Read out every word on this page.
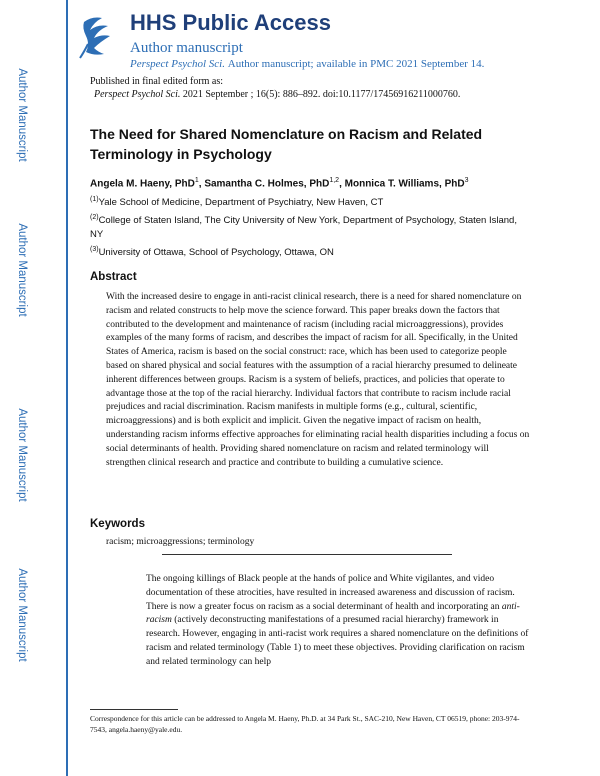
Author Manuscript
Author Manuscript
Author Manuscript
Author Manuscript
HHS Public Access
Author manuscript
Perspect Psychol Sci. Author manuscript; available in PMC 2021 September 14.
Published in final edited form as:
Perspect Psychol Sci. 2021 September ; 16(5): 886–892. doi:10.1177/17456916211000760.
The Need for Shared Nomenclature on Racism and Related Terminology in Psychology
Angela M. Haeny, PhD$^1$, Samantha C. Holmes, PhD$^{1,2}$, Monnica T. Williams, PhD$^3$
$^{(1)}$Yale School of Medicine, Department of Psychiatry, New Haven, CT
$^{(2)}$College of Staten Island, The City University of New York, Department of Psychology, Staten Island, NY
$^{(3)}$University of Ottawa, School of Psychology, Ottawa, ON
Abstract
With the increased desire to engage in anti-racist clinical research, there is a need for shared nomenclature on racism and related constructs to help move the science forward. This paper breaks down the factors that contributed to the development and maintenance of racism (including racial microaggressions), provides examples of the many forms of racism, and describes the impact of racism for all. Specifically, in the United States of America, racism is based on the social construct: race, which has been used to categorize people based on shared physical and social features with the assumption of a racial hierarchy presumed to delineate inherent differences between groups. Racism is a system of beliefs, practices, and policies that operate to advantage those at the top of the racial hierarchy. Individual factors that contribute to racism include racial prejudices and racial discrimination. Racism manifests in multiple forms (e.g., cultural, scientific, microaggressions) and is both explicit and implicit. Given the negative impact of racism on health, understanding racism informs effective approaches for eliminating racial health disparities including a focus on social determinants of health. Providing shared nomenclature on racism and related terminology will strengthen clinical research and practice and contribute to building a cumulative science.
Keywords
racism; microaggressions; terminology
The ongoing killings of Black people at the hands of police and White vigilantes, and video documentation of these atrocities, have resulted in increased awareness and discussion of racism. There is now a greater focus on racism as a social determinant of health and incorporating an anti-racism (actively deconstructing manifestations of a presumed racial hierarchy) framework in research. However, engaging in anti-racist work requires a shared nomenclature on the definitions of racism and related terminology (Table 1) to meet these objectives. Providing clarification on racism and related terminology can help
Correspondence for this article can be addressed to Angela M. Haeny, Ph.D. at 34 Park St., SAC-210, New Haven, CT 06519, phone: 203-974-7543, angela.haeny@yale.edu.
